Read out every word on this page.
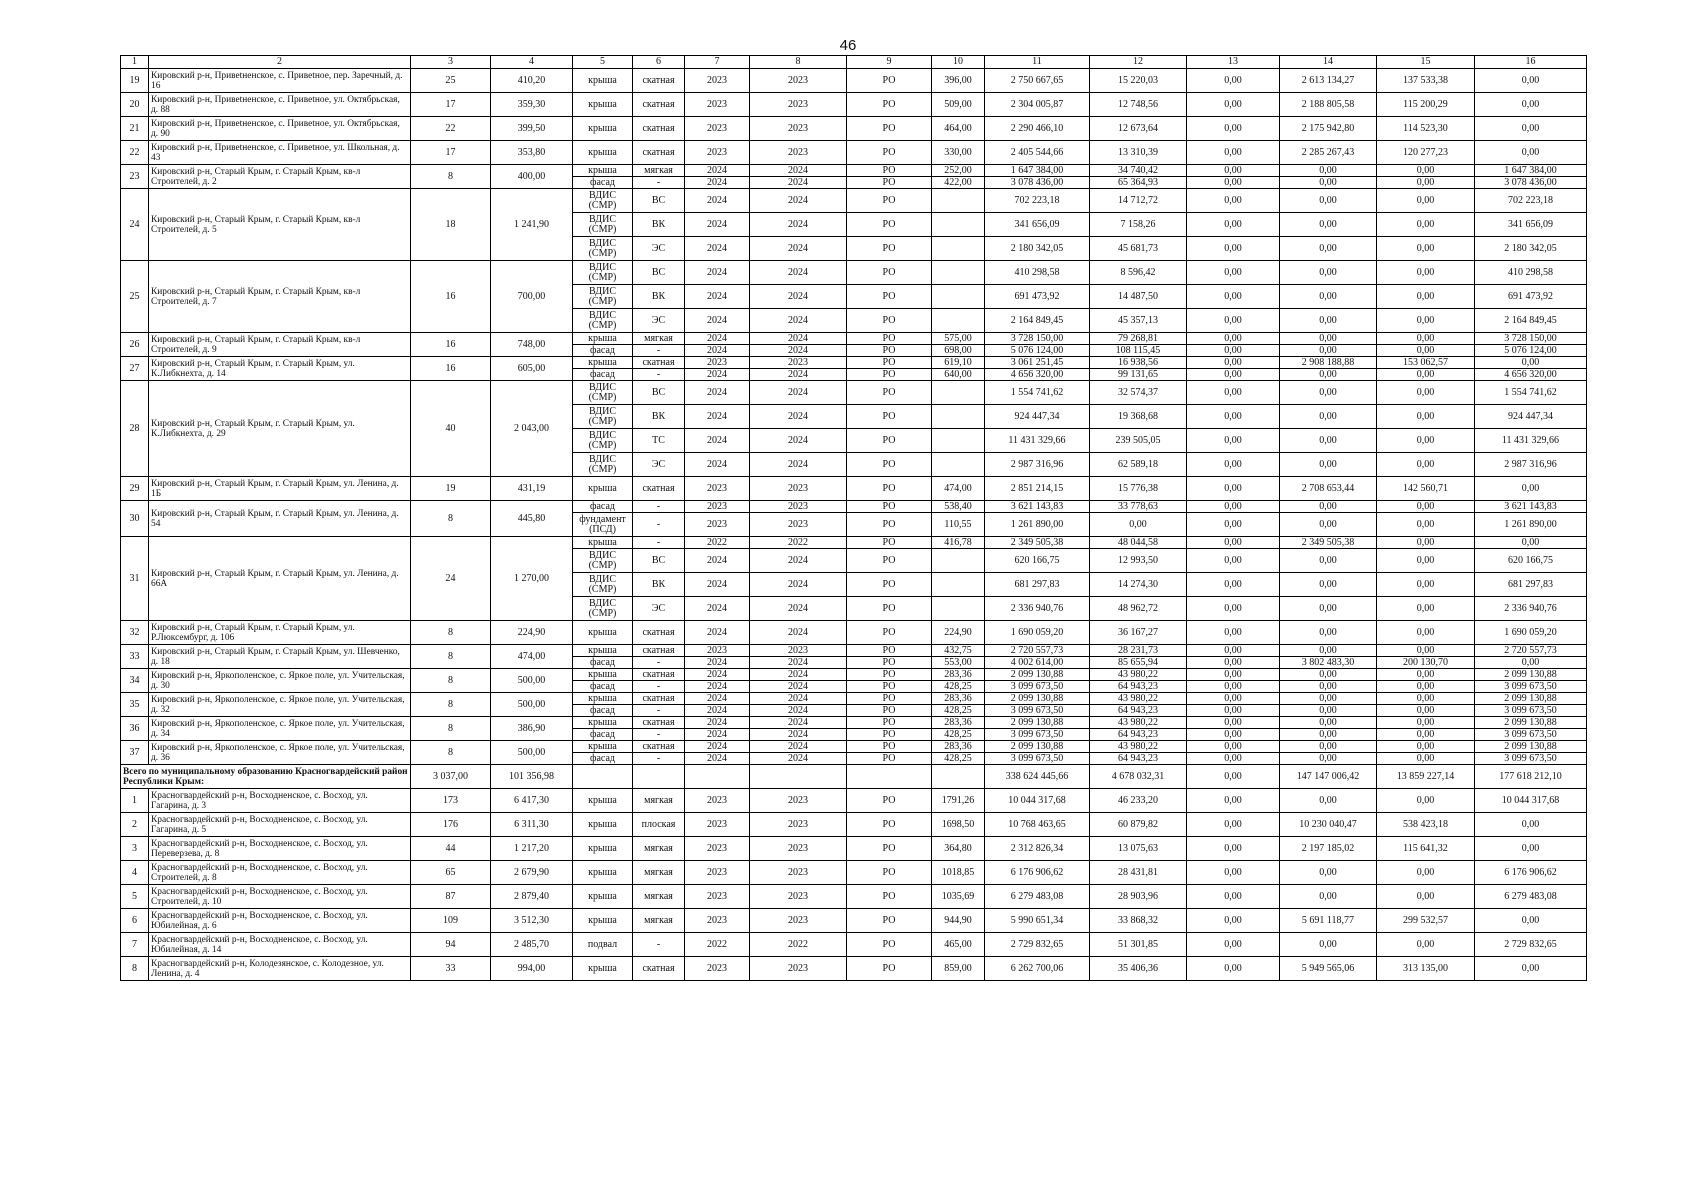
46
1	2	3	4	5	6	7	8	9	10	11	12	13	14	15	16
19	Кировский р-н, Привetненское, с. Привetное, пер. Заречный, д. 16	25	410,20	крыша	скатная	2023	2023	РО	396,00	2 750 667,65	15 220,03	0,00	2 613 134,27	137 533,38	0,00
20	Кировский р-н, Привetненское, с. Привetное, ул. Октябрьская, д. 88	17	359,30	крыша	скатная	2023	2023	РО	509,00	2 304 005,87	12 748,56	0,00	2 188 805,58	115 200,29	0,00
21	Кировский р-н, Привetненское, с. Привetное, ул. Октябрьская, д. 90	22	399,50	крыша	скатная	2023	2023	РО	464,00	2 290 466,10	12 673,64	0,00	2 175 942,80	114 523,30	0,00
22	Кировский р-н, Привetненское, с. Привetное, ул. Школьная, д. 43	17	353,80	крыша	скатная	2023	2023	РО	330,00	2 405 544,66	13 310,39	0,00	2 285 267,43	120 277,23	0,00
23	Кировский р-н, Старый Крым, г. Старый Крым, кв-л Строителей, д. 2	8	400,00	крыша	мягкая	2024	2024	РО	252,00	1 647 384,00	34 740,42	0,00	0,00	0,00	1 647 384,00
				фасад	-	2024	2024	РО	422,00	3 078 436,00	65 364,93	0,00	0,00	0,00	3 078 436,00
24	Кировский р-н, Старый Крым, г. Старый Крым, кв-л Строителей, д. 5	18	1 241,90	ВДИС (СМР)	ВС	2024	2024	РО		702 223,18	14 712,72	0,00	0,00	0,00	702 223,18
				ВДИС (СМР)	ВК	2024	2024	РО		341 656,09	7 158,26	0,00	0,00	0,00	341 656,09
				ВДИС (СМР)	ЭС	2024	2024	РО		2 180 342,05	45 681,73	0,00	0,00	0,00	2 180 342,05
25	Кировский р-н, Старый Крым, г. Старый Крым, кв-л Строителей, д. 7	16	700,00	ВДИС (СМР)	ВС	2024	2024	РО		410 298,58	8 596,42	0,00	0,00	0,00	410 298,58
				ВДИС (СМР)	ВК	2024	2024	РО		691 473,92	14 487,50	0,00	0,00	0,00	691 473,92
				ВДИС (СМР)	ЭС	2024	2024	РО		2 164 849,45	45 357,13	0,00	0,00	0,00	2 164 849,45
26	Кировский р-н, Старый Крым, г. Старый Крым, кв-л Строителей, д. 9	16	748,00	крыша	мягкая	2024	2024	РО	575,00	3 728 150,00	79 268,81	0,00	0,00	0,00	3 728 150,00
				фасад	-	2024	2024	РО	698,00	5 076 124,00	108 115,45	0,00	0,00	0,00	5 076 124,00
27	Кировский р-н, Старый Крым, г. Старый Крым, ул. К.Либкнехта, д. 14	16	605,00	крыша	скатная	2023	2023	РО	619,10	3 061 251,45	16 938,56	0,00	2 908 188,88	153 062,57	0,00
				фасад	-	2024	2024	РО	640,00	4 656 320,00	99 131,65	0,00	0,00	0,00	4 656 320,00
28	Кировский р-н, Старый Крым, г. Старый Крым, ул. К.Либкнехта, д. 29	40	2 043,00	ВДИС (СМР)	ВС	2024	2024	РО		1 554 741,62	32 574,37	0,00	0,00	0,00	1 554 741,62
				ВДИС (СМР)	ВК	2024	2024	РО		924 447,34	19 368,68	0,00	0,00	0,00	924 447,34
				ВДИС (СМР)	ТС	2024	2024	РО		11 431 329,66	239 505,05	0,00	0,00	0,00	11 431 329,66
				ВДИС (СМР)	ЭС	2024	2024	РО		2 987 316,96	62 589,18	0,00	0,00	0,00	2 987 316,96
29	Кировский р-н, Старый Крым, г. Старый Крым, ул. Ленина, д. 1Б	19	431,19	крыша	скатная	2023	2023	РО	474,00	2 851 214,15	15 776,38	0,00	2 708 653,44	142 560,71	0,00
30	Кировский р-н, Старый Крым, г. Старый Крым, ул. Ленина, д. 54	8	445,80	фасад	-	2023	2023	РО	538,40	3 621 143,83	33 778,63	0,00	0,00	0,00	3 621 143,83
				фундамент (ПСД)	-	2023	2023	РО	110,55	1 261 890,00	0,00	0,00	0,00	0,00	1 261 890,00
31	Кировский р-н, Старый Крым, г. Старый Крым, ул. Ленина, д. 66А	24	1 270,00	крыша	-	2022	2022	РО	416,78	2 349 505,38	48 044,58	0,00	2 349 505,38	0,00	0,00
				ВДИС (СМР)	ВС	2024	2024	РО		620 166,75	12 993,50	0,00	0,00	0,00	620 166,75
				ВДИС (СМР)	ВК	2024	2024	РО		681 297,83	14 274,30	0,00	0,00	0,00	681 297,83
				ВДИС (СМР)	ЭС	2024	2024	РО		2 336 940,76	48 962,72	0,00	0,00	0,00	2 336 940,76
32	Кировский р-н, Старый Крым, г. Старый Крым, ул. Р.Люксембург, д. 106	8	224,90	крыша	скатная	2024	2024	РО	224,90	1 690 059,20	36 167,27	0,00	0,00	0,00	1 690 059,20
33	Кировский р-н, Старый Крым, г. Старый Крым, ул. Шевченко, д. 18	8	474,00	крыша	скатная	2023	2023	РО	432,75	2 720 557,73	28 231,73	0,00	0,00	0,00	2 720 557,73
				фасад	-	2024	2024	РО	553,00	4 002 614,00	85 655,94	0,00	3 802 483,30	200 130,70	0,00
34	Кировский р-н, Яркополенское, с. Яркое поле, ул. Учительская, д. 30	8	500,00	крыша	скатная	2024	2024	РО	283,36	2 099 130,88	43 980,22	0,00	0,00	0,00	2 099 130,88
				фасад	-	2024	2024	РО	428,25	3 099 673,50	64 943,23	0,00	0,00	0,00	3 099 673,50
35	Кировский р-н, Яркополенское, с. Яркое поле, ул. Учительская, д. 32	8	500,00	крыша	скатная	2024	2024	РО	283,36	2 099 130,88	43 980,22	0,00	0,00	0,00	2 099 130,88
				фасад	-	2024	2024	РО	428,25	3 099 673,50	64 943,23	0,00	0,00	0,00	3 099 673,50
36	Кировский р-н, Яркополенское, с. Яркое поле, ул. Учительская, д. 34	8	386,90	крыша	скатная	2024	2024	РО	283,36	2 099 130,88	43 980,22	0,00	0,00	0,00	2 099 130,88
				фасад	-	2024	2024	РО	428,25	3 099 673,50	64 943,23	0,00	0,00	0,00	3 099 673,50
37	Кировский р-н, Яркополенское, с. Яркое поле, ул. Учительская, д. 36	8	500,00	крыша	скатная	2024	2024	РО	283,36	2 099 130,88	43 980,22	0,00	0,00	0,00	2 099 130,88
				фасад	-	2024	2024	РО	428,25	3 099 673,50	64 943,23	0,00	0,00	0,00	3 099 673,50
Всего по муниципальному образованию Красногвардейский район Республики Крым:		3 037,00	101 356,98							338 624 445,66	4 678 032,31	0,00	147 147 006,42	13 859 227,14	177 618 212,10
1	Красногвардейский р-н, Восходненское, с. Восход, ул. Гагарина, д. 3	173	6 417,30	крыша	мягкая	2023	2023	РО	1791,26	10 044 317,68	46 233,20	0,00	0,00	0,00	10 044 317,68
2	Красногвардейский р-н, Восходненское, с. Восход, ул. Гагарина, д. 5	176	6 311,30	крыша	плоская	2023	2023	РО	1698,50	10 768 463,65	60 879,82	0,00	10 230 040,47	538 423,18	0,00
3	Красногвардейский р-н, Восходненское, с. Восход, ул. Переверзева, д. 8	44	1 217,20	крыша	мягкая	2023	2023	РО	364,80	2 312 826,34	13 075,63	0,00	2 197 185,02	115 641,32	0,00
4	Красногвардейский р-н, Восходненское, с. Восход, ул. Строителей, д. 8	65	2 679,90	крыша	мягкая	2023	2023	РО	1018,85	6 176 906,62	28 431,81	0,00	0,00	0,00	6 176 906,62
5	Красногвардейский р-н, Восходненское, с. Восход, ул. Строителей, д. 10	87	2 879,40	крыша	мягкая	2023	2023	РО	1035,69	6 279 483,08	28 903,96	0,00	0,00	0,00	6 279 483,08
6	Красногвардейский р-н, Восходненское, с. Восход, ул. Юбилейная, д. 6	109	3 512,30	крыша	мягкая	2023	2023	РО	944,90	5 990 651,34	33 868,32	0,00	5 691 118,77	299 532,57	0,00
7	Красногвардейский р-н, Восходненское, с. Восход, ул. Юбилейная, д. 14	94	2 485,70	подвал	-	2022	2022	РО	465,00	2 729 832,65	51 301,85	0,00	0,00	0,00	2 729 832,65
8	Красногвардейский р-н, Колодезянское, с. Колодезное, ул. Ленина, д. 4	33	994,00	крыша	скатная	2023	2023	РО	859,00	6 262 700,06	35 406,36	0,00	5 949 565,06	313 135,00	0,00
